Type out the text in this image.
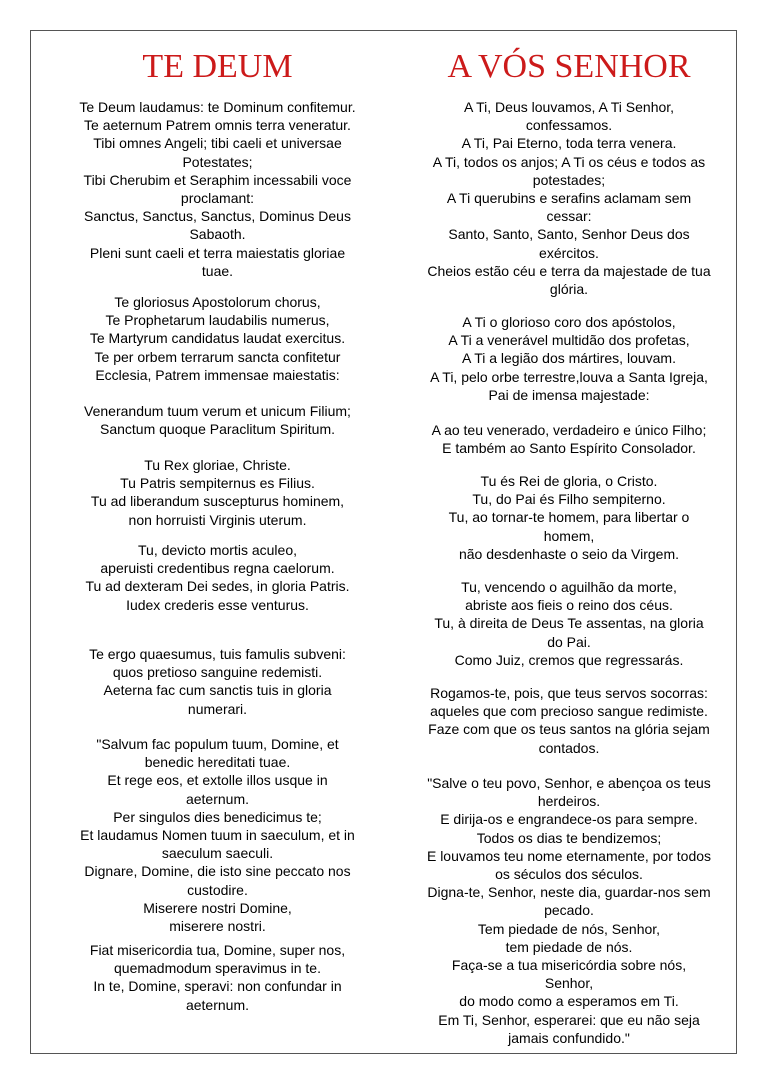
TE DEUM

Te Deum laudamus: te Dominum confitemur.

Te aeternum Patrem omnis terra veneratur.

Tibi omnes Angeli; tibi caeli et universae

Potestates;

Tibi Cherubim et Seraphim incessabili voce

proclamant:

Sanctus, Sanctus, Sanctus, Dominus Deus

Sabaoth.

Pleni sunt caeli et terra maiestatis gloriae

tuae.

Te gloriosus Apostolorum chorus,

Te Prophetarum laudabilis numerus,

Te Martyrum candidatus laudat exercitus.

Te per orbem terrarum sancta confitetur

Ecclesia, Patrem immensae maiestatis:

Venerandum tuum verum et unicum Filium;

Sanctum quoque Paraclitum Spiritum.

Tu Rex gloriae, Christe.

Tu Patris sempiternus es Filius.

Tu ad liberandum suscepturus hominem,

non horruisti Virginis uterum.

Tu, devicto mortis aculeo,

aperuisti credentibus regna caelorum.

Tu ad dexteram Dei sedes, in gloria Patris.

Iudex crederis esse venturus.

Te ergo quaesumus, tuis famulis subveni:

quos pretioso sanguine redemisti.

Aeterna fac cum sanctis tuis in gloria

numerari.

"Salvum fac populum tuum, Domine, et

benedic hereditati tuae.

Et rege eos, et extolle illos usque in

aeternum.

Per singulos dies benedicimus te;

Et laudamus Nomen tuum in saeculum, et in

saeculum saeculi.

Dignare, Domine, die isto sine peccato nos

custodire.

Miserere nostri Domine,

miserere nostri.

Fiat misericordia tua, Domine, super nos,

quemadmodum speravimus in te.

In te, Domine, speravi: non confundar in

aeternum.

A VÓS SENHOR

A Ti, Deus louvamos, A Ti Senhor,

confessamos.

A Ti, Pai Eterno, toda terra venera.

A Ti, todos os anjos; A Ti os céus e todos as

potestades;

A Ti querubins e serafins aclamam sem

cessar:

Santo, Santo, Santo, Senhor Deus dos

exércitos.

Cheios estão céu e terra da majestade de tua

glória.

A Ti o glorioso coro dos apóstolos,

A Ti a venerável multidão dos profetas,

A Ti a legião dos mártires, louvam.

A Ti, pelo orbe terrestre,louva a Santa Igreja,

Pai de imensa majestade:

A ao teu venerado, verdadeiro e único Filho;

E também ao Santo Espírito Consolador.

Tu és Rei de gloria, o Cristo.

Tu, do Pai és Filho sempiterno.

Tu, ao tornar-te homem, para libertar o

homem,

não desdenhaste o seio da Virgem.

Tu, vencendo o aguilhão da morte,

abriste aos fieis o reino dos céus.

Tu, à direita de Deus Te assentas, na gloria

do Pai.

Como Juiz, cremos que regressarás.

Rogamos-te, pois, que teus servos socorras:

aqueles que com precioso sangue redimiste.

Faze com que os teus santos na glória sejam

contados.

"Salve o teu povo, Senhor, e abençoa os teus

herdeiros.

E dirija-os e engrandece-os para sempre.

Todos os dias te bendizemos;

E louvamos teu nome eternamente, por todos

os séculos dos séculos.

Digna-te, Senhor, neste dia, guardar-nos sem

pecado.

Tem piedade de nós, Senhor,

tem piedade de nós.

Faça-se a tua misericórdia sobre nós,

Senhor,

do modo como a esperamos em Ti.

Em Ti, Senhor, esperarei: que eu não seja

jamais confundido."
